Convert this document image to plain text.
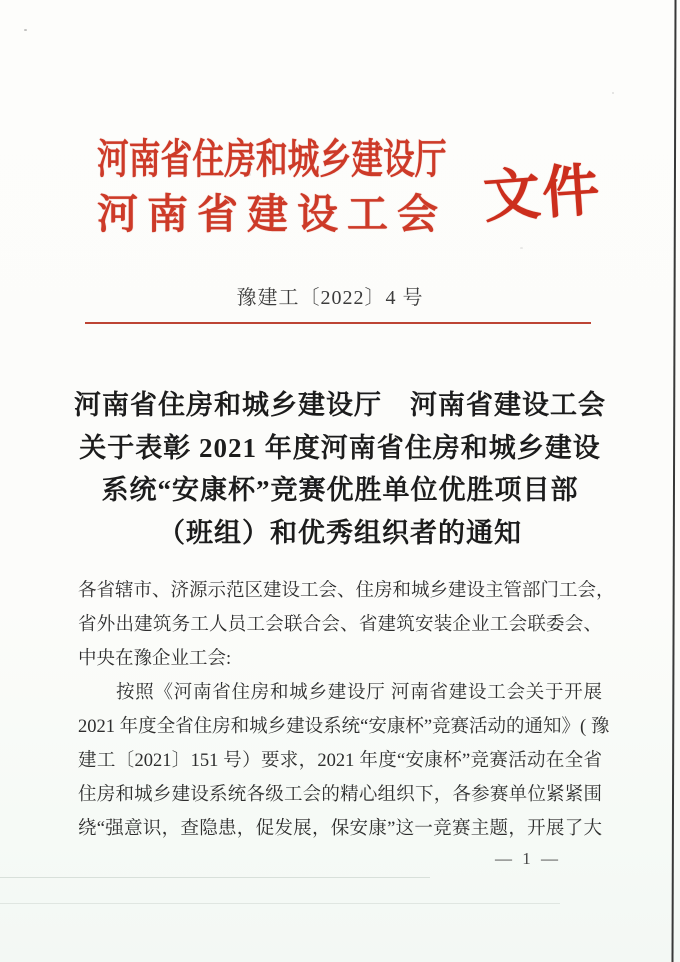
河南省住房和城乡建设厅
河 南 省 建 设 工 会 文件
豫建工〔2022〕4 号
河南省住房和城乡建设厅　河南省建设工会
关于表彰 2021 年度河南省住房和城乡建设
系统“安康杯”竞赛优胜单位优胜项目部
（班组）和优秀组织者的通知
各省辖市、济源示范区建设工会、住房和城乡建设主管部门工会，
省外出建筑务工人员工会联合会、省建筑安装企业工会联委会、
中央在豫企业工会:
按照《河南省住房和城乡建设厅 河南省建设工会关于开展
2021 年度全省住房和城乡建设系统“安康杯”竞赛活动的通知》( 豫
建工〔2021〕151 号）要求，2021 年度“安康杯”竞赛活动在全省
住房和城乡建设系统各级工会的精心组织下，各参赛单位紧紧围
绕“强意识，查隐患，促发展，保安康”这一竞赛主题，开展了大
— 1 —
